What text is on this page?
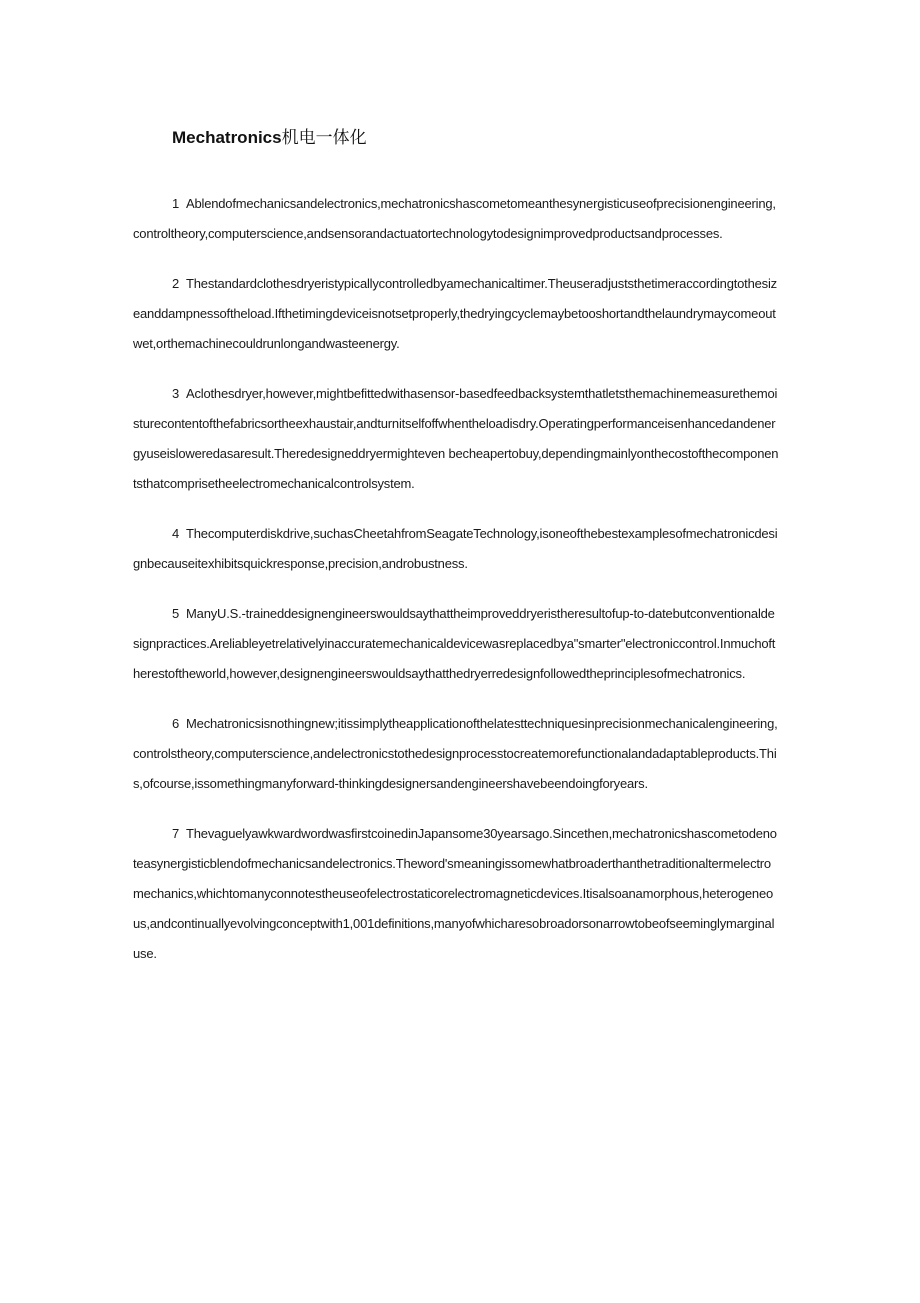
Mechatronics机电一体化

1 Ablendofmechanicsandelectronics,mechatronicshascometomeanthesynergisticuseofprecisionengineering,controltheory,computerscience,andsensorandactuatortechnologytodesignimprovedproductsandprocesses.

2 Thestandardclothesdryeristypicallycontrolledbyamechanicaltimer.Theuseradjuststhetimeraccordingtothesizeanddampnessoftheload.Ifthetimingdeviceisnotsetproperly,thedryingcyclemaybetooshortandthelaundrymaycomeoutwet,orthemachinecouldrunlongandwasteenergy.

3 Aclothesdryer,however,mightbefittedwithasensor-basedfeedbacksystemthatletsthemachinemeasurethemoisturecontentofthefabricsortheexhaustair,andturnitselfoffwhentheloadisdry.Operatingperformanceisenhancedandenergyuseisloweredasaresult.Theredesigneddryermighteven becheapertobuy,dependingmainlyonthecostofthecomponentsthatcomprisetheelectromechanicalcontrolsystem.

4 Thecomputerdiskdrive,suchasCheetahfromSeagateTechnology,isoneofthebestexamplesofmechatronicdesignbecauseitexhibitsquickresponse,precision,androbustness.

5 ManyU.S.-traineddesignengineerswouldsaythattheimproveddryeristheresultofup-to-datebutconventionaldesignpractices.Areliableyetrelativelyinaccuratemechanicaldevicewasreplacedbya"smarter"electroniccontrol.Inmuchoftherestoftheworld,however,designengineerswouldsaythatthedryerredesignfollowedtheprinciplesofmechatronics.

6 Mechatronicsisnothingnew;itissimplytheapplicationofthelatesttechniquesinprecisionmechanicalengineering,controlstheory,computerscience,andelectronicstothedesignprocesstocreatemorefunctionalandadaptableproducts.This,ofcourse,issomethingmanyforward-thinkingdesignersandengineershavebeendoingforyears.

7 ThevaguelyawkwardwordwasfirstcoinedinJapansome30yearsago.Sincethen,mechatronicshascometodenoteasynergisticblendofmechanicsandelectronics.Theword'smeaningissomewhatbroaderthanthetraditionaltermelectromechanics,whichtomanyconnotestheuseofelectrostaticorelectromagneticdevices.Itisalsoanamorphous,heterogeneous,andcontinuallyevolvingconceptwith1,001definitions,manyofwhicharesobroadorsonarrowtobeofseeminglymarginaluse.
